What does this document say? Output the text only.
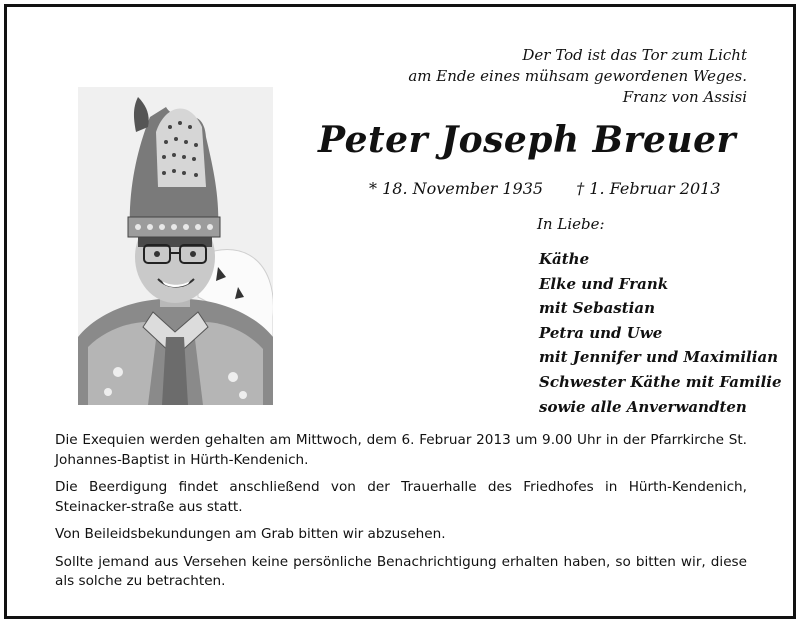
Der Tod ist das Tor zum Licht
am Ende eines mühsam gewordenen Weges.
Franz von Assisi
Peter Joseph Breuer
* 18. November 1935 † 1. Februar 2013
In Liebe:
Käthe
Elke und Frank
mit Sebastian
Petra und Uwe
mit Jennifer und Maximilian
Schwester Käthe mit Familie
sowie alle Anverwandten

Die Exequien werden gehalten am Mittwoch, dem 6. Februar 2013 um 9.00 Uhr in der Pfarrkirche St. Johannes-Baptist in Hürth-Kendenich.

Die Beerdigung findet anschließend von der Trauerhalle des Friedhofes in Hürth-Kendenich, Steinacker-straße aus statt.

Von Beileidsbekundungen am Grab bitten wir abzusehen.

Sollte jemand aus Versehen keine persönliche Benachrichtigung erhalten haben, so bitten wir, diese als solche zu betrachten.
